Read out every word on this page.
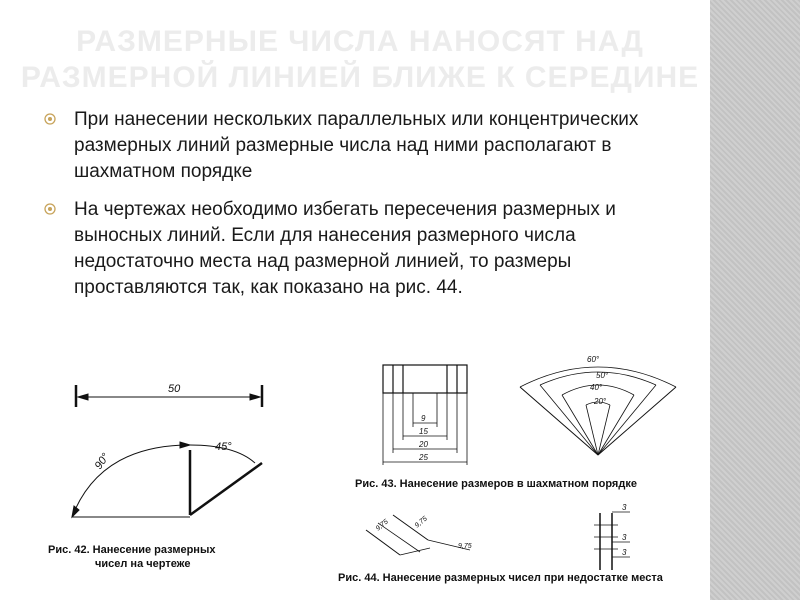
РАЗМЕРНЫЕ ЧИСЛА НАНОСЯТ НАД РАЗМЕРНОЙ ЛИНИЕЙ БЛИЖЕ К СЕРЕДИНЕ
При нанесении нескольких параллельных или концентрических размерных линий размерные числа над ними располагают в шахматном порядке
На чертежах необходимо избегать пересечения размерных и выносных линий. Если для нанесения размерного числа недостаточно места над размерной линией, то размеры проставляются так, как показано на рис. 44.
50
90°
45°
Рис. 42. Нанесение размерных
чисел на чертеже
9
15
20
25
60°
50°
40°
20°
Рис. 43. Нанесение размеров в шахматном порядке
9,75	9,75
9,75
3
3
3
Рис. 44. Нанесение размерных чисел при недостатке места
